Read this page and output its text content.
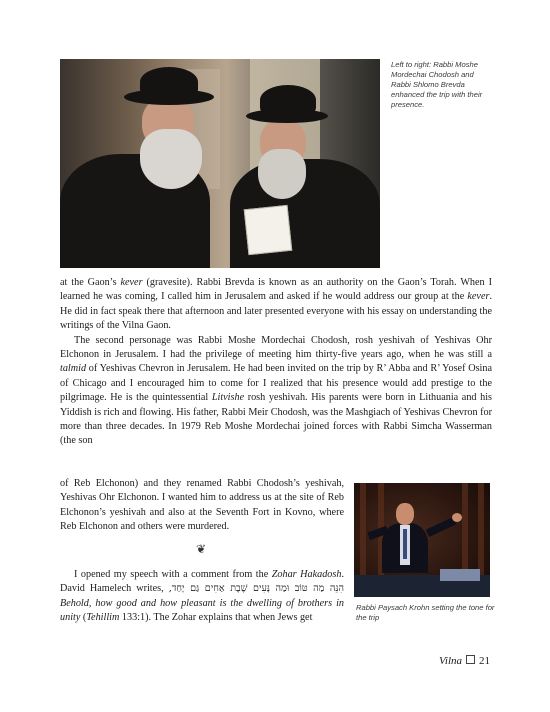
Left to right: Rabbi Moshe Mordechai Chodosh and Rabbi Shlomo Brevda enhanced the trip with their presence.

at the Gaon’s kever (gravesite). Rabbi Brevda is known as an authority on the Gaon’s Torah. When I learned he was coming, I called him in Jerusalem and asked if he would address our group at the kever. He did in fact speak there that afternoon and later presented everyone with his essay on understanding the writings of the Vilna Gaon.

The second personage was Rabbi Moshe Mordechai Chodosh, rosh yeshivah of Yeshivas Ohr Elchonon in Jerusalem. I had the privilege of meeting him thirty-five years ago, when he was still a talmid of Yeshivas Chevron in Jerusalem. He had been invited on the trip by R’ Abba and R’ Yosef Osina of Chicago and I encouraged him to come for I realized that his presence would add prestige to the pilgrimage. He is the quintessential Litvishe rosh yeshivah. His parents were born in Lithuania and his Yiddish is rich and flowing. His father, Rabbi Meir Chodosh, was the Mashgiach of Yeshivas Chevron for more than three decades. In 1979 Reb Moshe Mordechai joined forces with Rabbi Simcha Wasserman (the son

of Reb Elchonon) and they renamed Rabbi Chodosh’s yeshivah, Yeshivas Ohr Elchonon. I wanted him to address us at the site of Reb Elchonon’s yeshivah and also at the Seventh Fort in Kovno, where Reb Elchonon and others were murdered.

❦

I opened my speech with a comment from the Zohar Hakadosh. David Hamelech writes, הִנֵּה מַה טּוֹב וּמַה נָּעִים שֶׁבֶת אַחִים גַּם יָחַד, Behold, how good and how pleasant is the dwelling of brothers in unity (Tehillim 133:1). The Zohar explains that when Jews get

Rabbi Paysach Krohn setting the tone for the trip
Vilna 21
